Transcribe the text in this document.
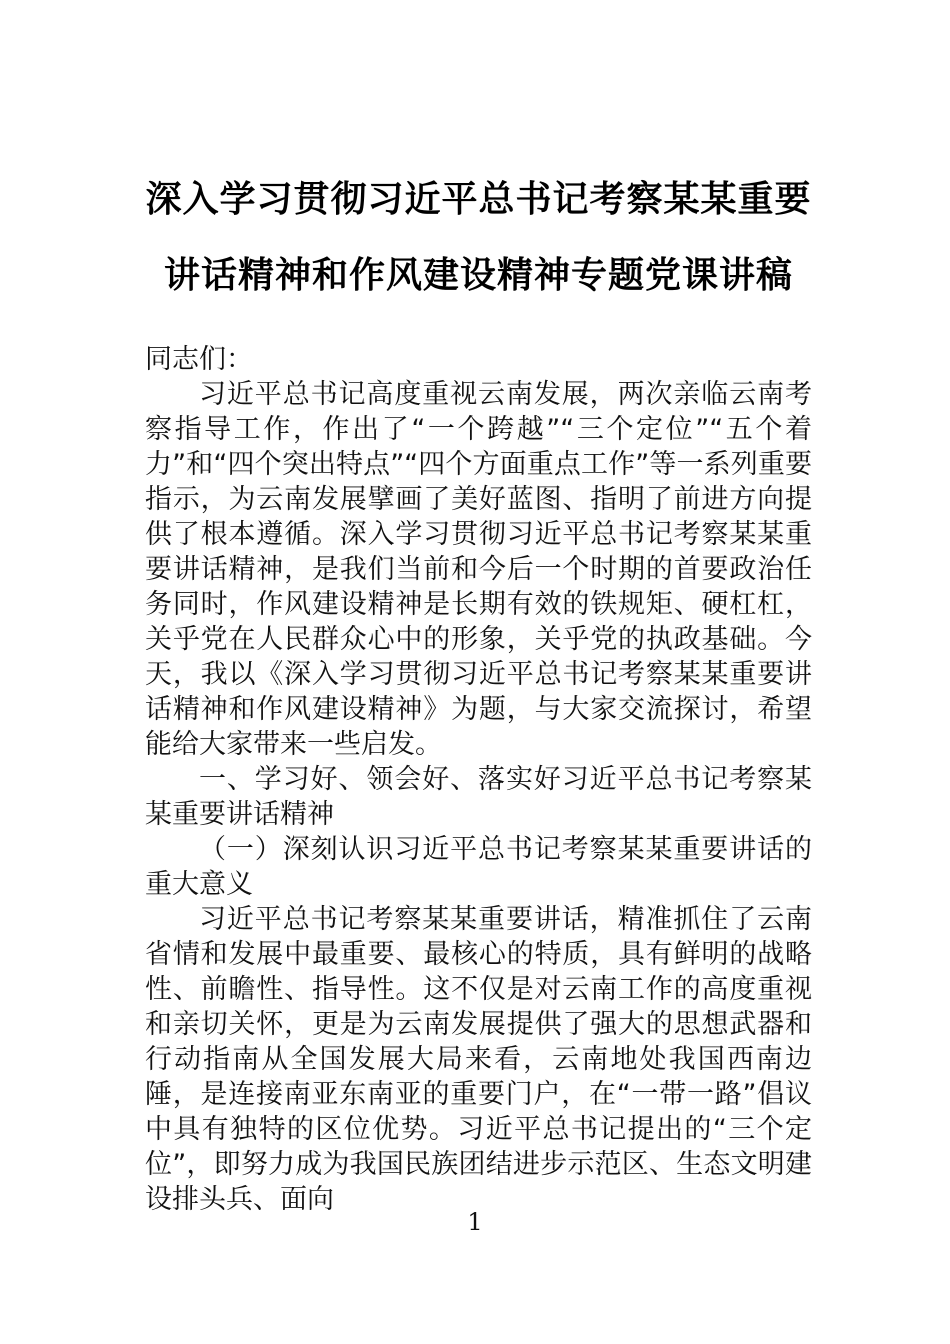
深入学习贯彻习近平总书记考察某某重要
讲话精神和作风建设精神专题党课讲稿

同志们：

习近平总书记高度重视云南发展，两次亲临云南考察指导工作，作出了“一个跨越”“三个定位”“五个着力”和“四个突出特点”“四个方面重点工作”等一系列重要指示，为云南发展擘画了美好蓝图、指明了前进方向提供了根本遵循。深入学习贯彻习近平总书记考察某某重要讲话精神，是我们当前和今后一个时期的首要政治任务同时，作风建设精神是长期有效的铁规矩、硬杠杠，关乎党在人民群众心中的形象，关乎党的执政基础。今天，我以《深入学习贯彻习近平总书记考察某某重要讲话精神和作风建设精神》为题，与大家交流探讨，希望能给大家带来一些启发。

一、学习好、领会好、落实好习近平总书记考察某某重要讲话精神

（一）深刻认识习近平总书记考察某某重要讲话的重大意义

习近平总书记考察某某重要讲话，精准抓住了云南省情和发展中最重要、最核心的特质，具有鲜明的战略性、前瞻性、指导性。这不仅是对云南工作的高度重视和亲切关怀，更是为云南发展提供了强大的思想武器和行动指南从全国发展大局来看，云南地处我国西南边陲，是连接南亚东南亚的重要门户，在“一带一路”倡议中具有独特的区位优势。习近平总书记提出的“三个定位”，即努力成为我国民族团结进步示范区、生态文明建设排头兵、面向

1
